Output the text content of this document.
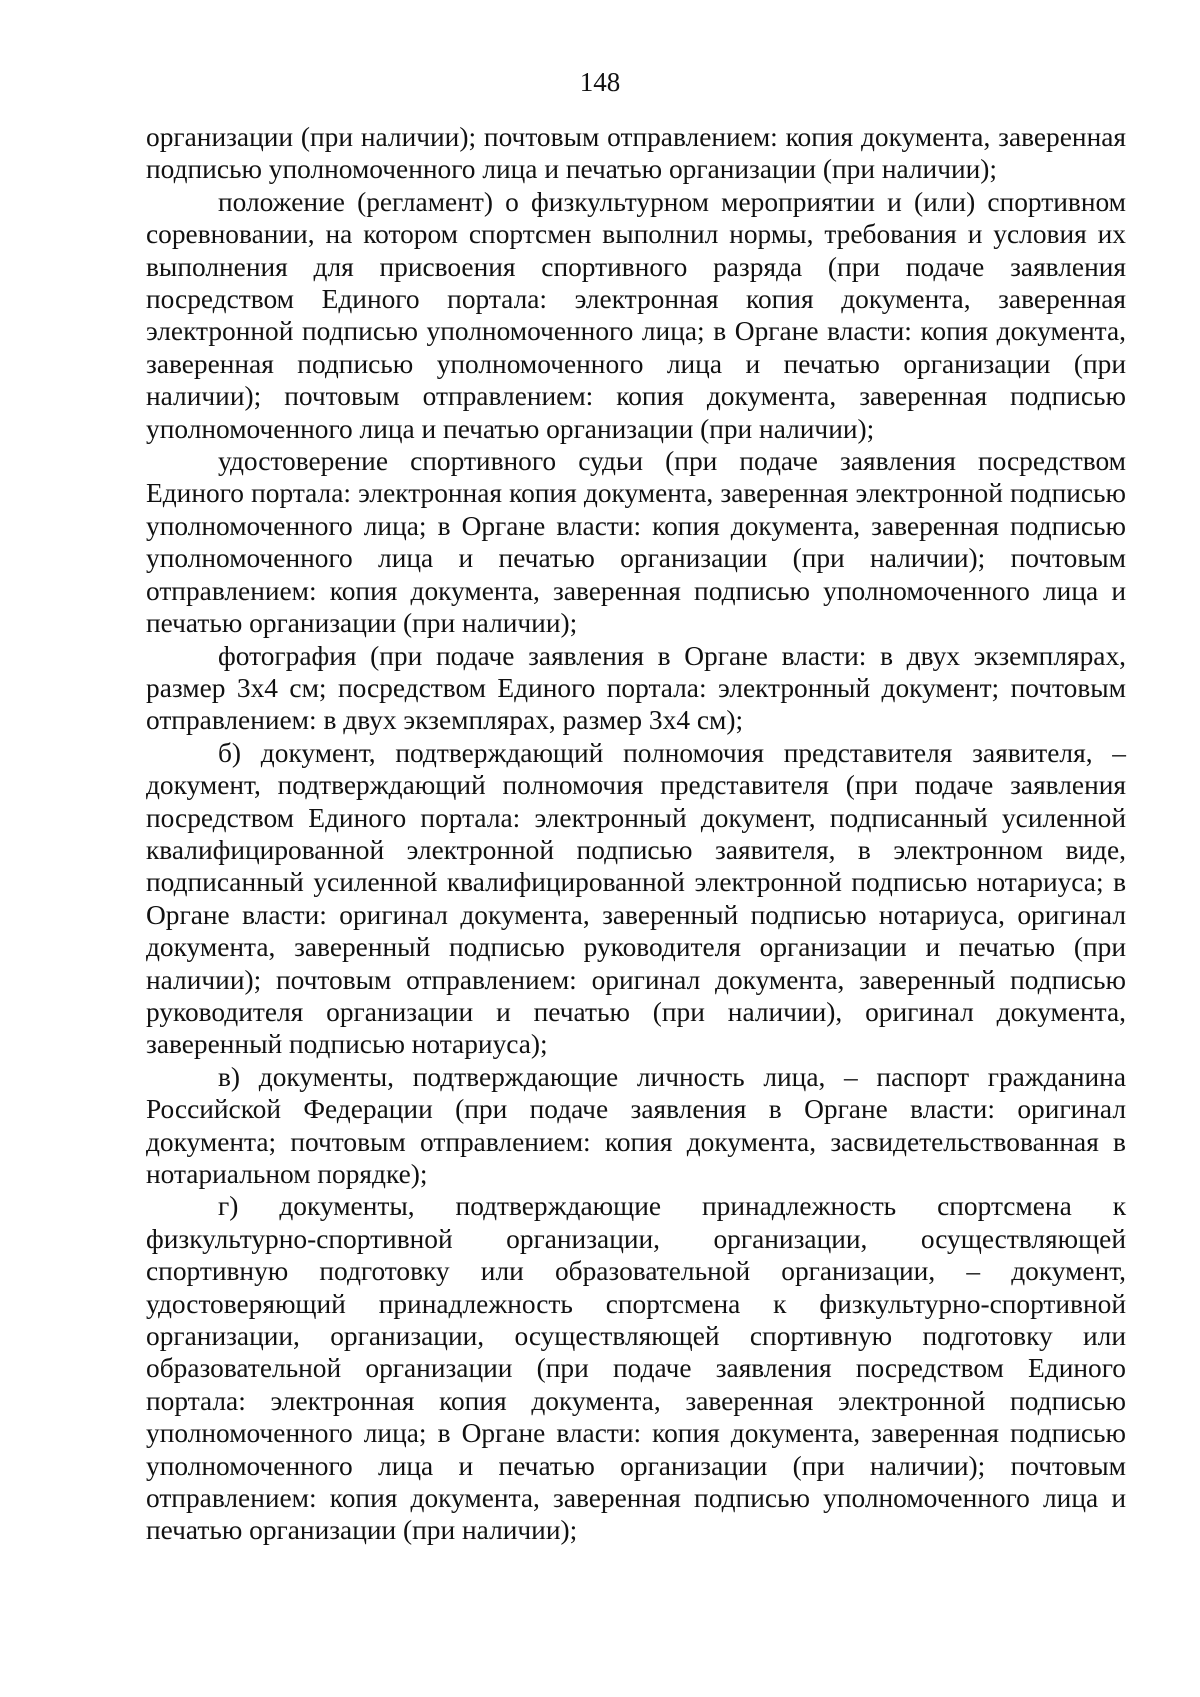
148

организации (при наличии); почтовым отправлением: копия документа, заверенная подписью уполномоченного лица и печатью организации (при наличии);

положение (регламент) о физкультурном мероприятии и (или) спортивном соревновании, на котором спортсмен выполнил нормы, требования и условия их выполнения для присвоения спортивного разряда (при подаче заявления посредством Единого портала: электронная копия документа, заверенная электронной подписью уполномоченного лица; в Органе власти: копия документа, заверенная подписью уполномоченного лица и печатью организации (при наличии); почтовым отправлением: копия документа, заверенная подписью уполномоченного лица и печатью организации (при наличии);

удостоверение спортивного судьи (при подаче заявления посредством Единого портала: электронная копия документа, заверенная электронной подписью уполномоченного лица; в Органе власти: копия документа, заверенная подписью уполномоченного лица и печатью организации (при наличии); почтовым отправлением: копия документа, заверенная подписью уполномоченного лица и печатью организации (при наличии);

фотография (при подаче заявления в Органе власти: в двух экземплярах, размер 3х4 см; посредством Единого портала: электронный документ; почтовым отправлением: в двух экземплярах, размер 3х4 см);

б) документ, подтверждающий полномочия представителя заявителя, – документ, подтверждающий полномочия представителя (при подаче заявления посредством Единого портала: электронный документ, подписанный усиленной квалифицированной электронной подписью заявителя, в электронном виде, подписанный усиленной квалифицированной электронной подписью нотариуса; в Органе власти: оригинал документа, заверенный подписью нотариуса, оригинал документа, заверенный подписью руководителя организации и печатью (при наличии); почтовым отправлением: оригинал документа, заверенный подписью руководителя организации и печатью (при наличии), оригинал документа, заверенный подписью нотариуса);

в) документы, подтверждающие личность лица, – паспорт гражданина Российской Федерации (при подаче заявления в Органе власти: оригинал документа; почтовым отправлением: копия документа, засвидетельствованная в нотариальном порядке);

г) документы, подтверждающие принадлежность спортсмена к физкультурно-спортивной организации, организации, осуществляющей спортивную подготовку или образовательной организации, – документ, удостоверяющий принадлежность спортсмена к физкультурно-спортивной организации, организации, осуществляющей спортивную подготовку или образовательной организации (при подаче заявления посредством Единого портала: электронная копия документа, заверенная электронной подписью уполномоченного лица; в Органе власти: копия документа, заверенная подписью уполномоченного лица и печатью организации (при наличии); почтовым отправлением: копия документа, заверенная подписью уполномоченного лица и печатью организации (при наличии);
